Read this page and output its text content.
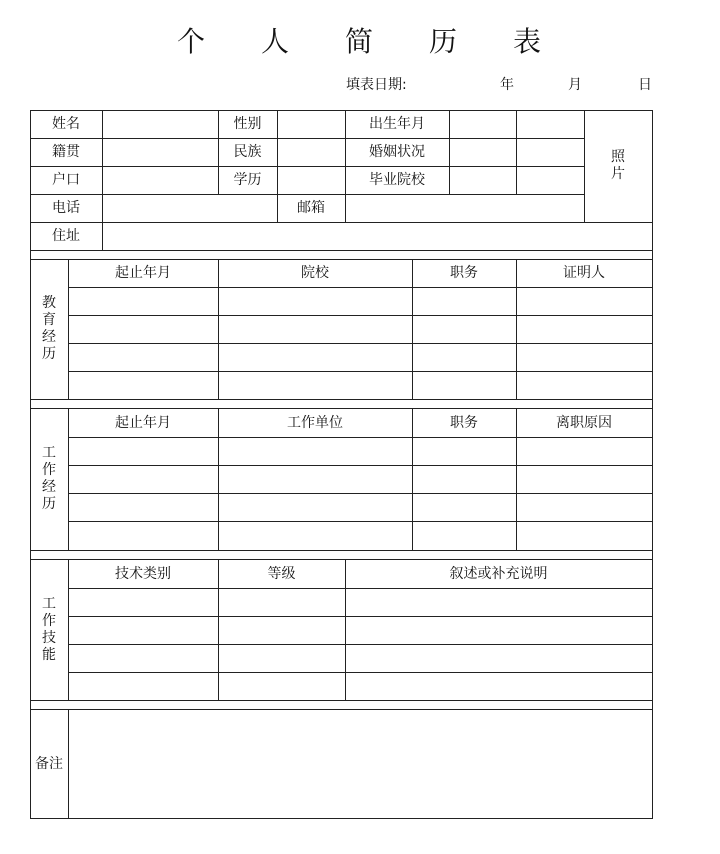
个 人 简 历 表
填表日期:	年	月	日
姓名	性别	出生年月
籍贯	民族	婚姻状况
户口	学历	毕业院校
电话	邮箱
住址
照
片
教
育
经
历
起止年月	院校	职务	证明人
工
作
经
历
起止年月	工作单位	职务	离职原因
工
作
技
能
技术类别	等级	叙述或补充说明
备注
